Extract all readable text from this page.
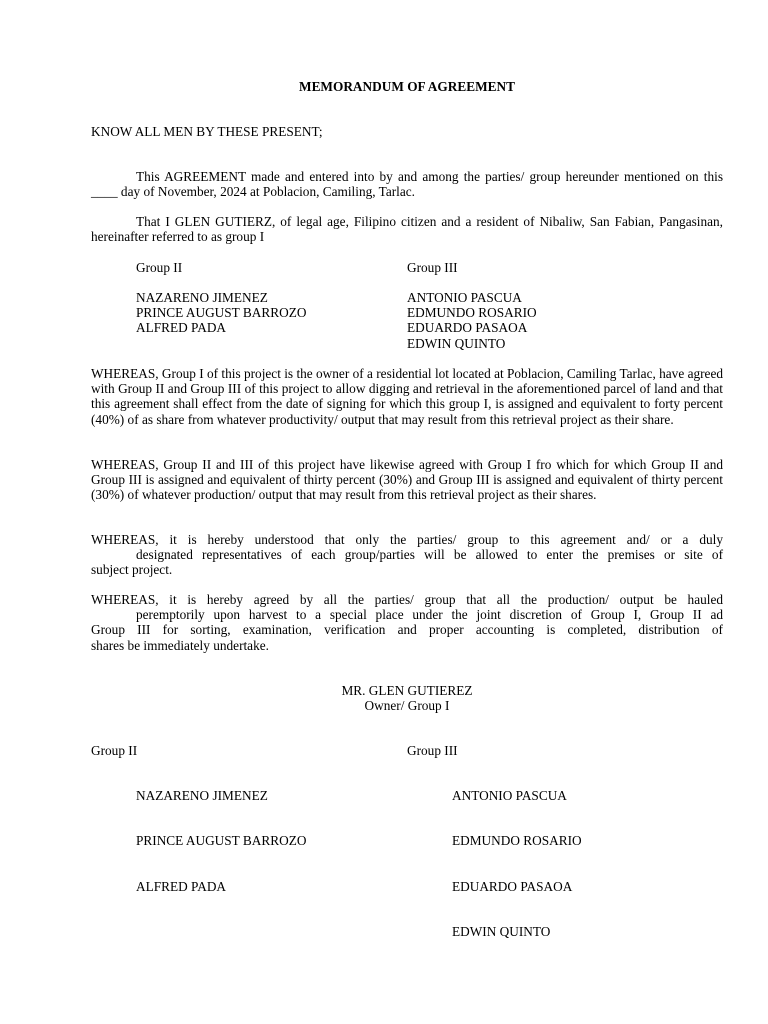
MEMORANDUM OF AGREEMENT

KNOW ALL MEN BY THESE PRESENT;

This AGREEMENT made and entered into by and among the parties/ group hereunder mentioned on this ____ day of November, 2024 at Poblacion, Camiling, Tarlac.

That I GLEN GUTIERZ, of legal age, Filipino citizen and a resident of Nibaliw, San Fabian, Pangasinan, hereinafter referred to as group I

Group II	Group III
NAZARENO JIMENEZ
PRINCE AUGUST BARROZO
ALFRED PADA
ANTONIO PASCUA
EDMUNDO ROSARIO
EDUARDO PASAOA
EDWIN QUINTO

WHEREAS, Group I of this project is the owner of a residential lot located at Poblacion, Camiling Tarlac, have agreed with Group II and Group III of this project to allow digging and retrieval in the aforementioned parcel of land and that this agreement shall effect from the date of signing for which this group I, is assigned and equivalent to forty percent (40%) of as share from whatever productivity/ output that may result from this retrieval project as their share.

WHEREAS, Group II and III of this project have likewise agreed with Group I fro which for which Group II and Group III is assigned and equivalent of thirty percent (30%) and Group III is assigned and equivalent of thirty percent (30%) of whatever production/ output that may result from this retrieval project as their shares.

WHEREAS, it is hereby understood that only the parties/ group to this agreement and/ or a duly
designated representatives of each group/parties will be allowed to enter the premises or site of
subject project.
WHEREAS, it is hereby agreed by all the parties/ group that all the production/ output be hauled
peremptorily upon harvest to a special place under the joint discretion of Group I, Group II ad
Group III for sorting, examination, verification and proper accounting is completed, distribution of
shares be immediately undertake.
MR. GLEN GUTIEREZ
Owner/ Group I
Group II	Group III
NAZARENO JIMENEZ
PRINCE AUGUST BARROZO
ALFRED PADA
ANTONIO PASCUA
EDMUNDO ROSARIO
EDUARDO PASAOA
EDWIN QUINTO
